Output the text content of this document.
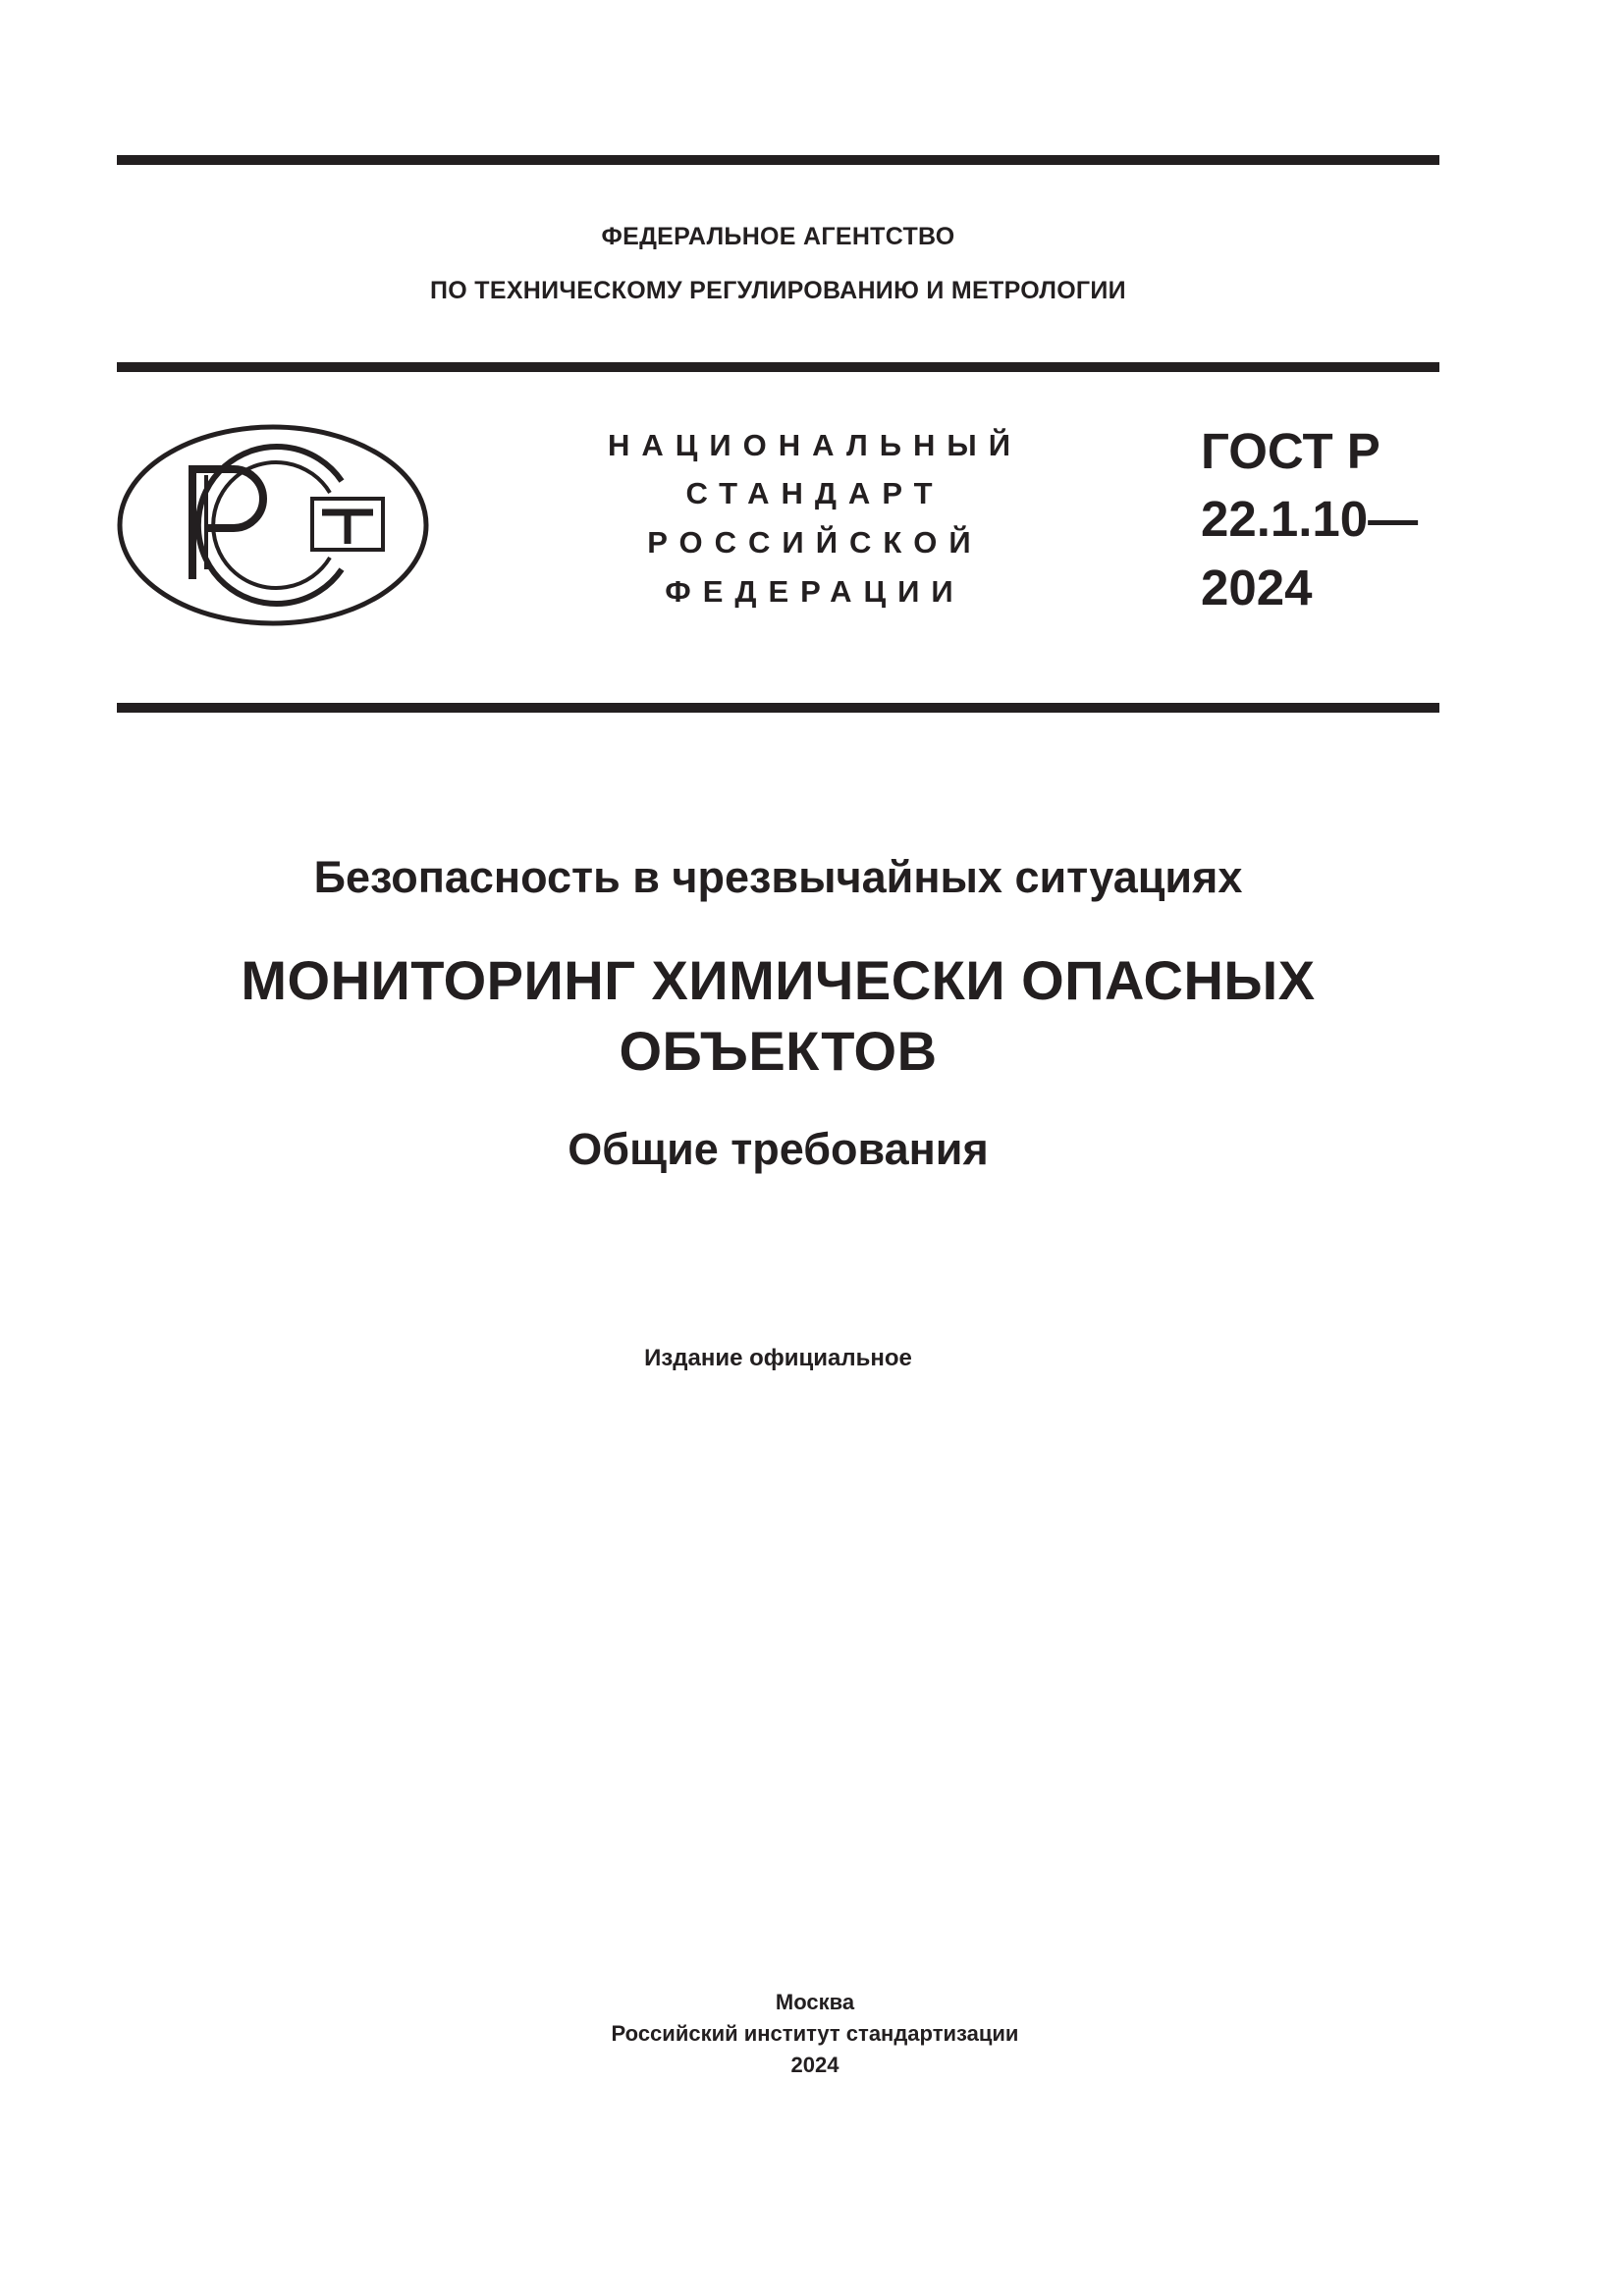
ФЕДЕРАЛЬНОЕ АГЕНТСТВО
ПО ТЕХНИЧЕСКОМУ РЕГУЛИРОВАНИЮ И МЕТРОЛОГИИ
НАЦИОНАЛЬНЫЙ
СТАНДАРТ
РОССИЙСКОЙ
ФЕДЕРАЦИИ
ГОСТ Р
22.1.10—
2024
Безопасность в чрезвычайных ситуациях
МОНИТОРИНГ ХИМИЧЕСКИ ОПАСНЫХ
ОБЪЕКТОВ
Общие требования
Издание официальное
Москва
Российский институт стандартизации
2024
